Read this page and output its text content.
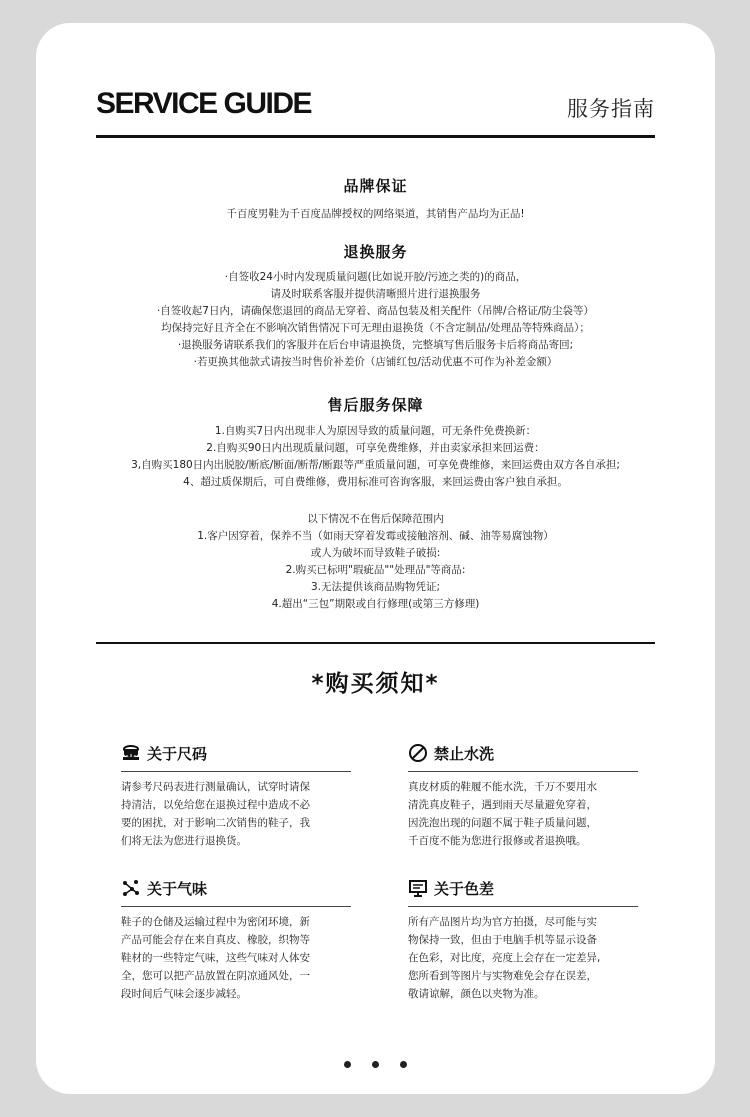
SERVICE GUIDE	服务指南
品牌保证
千百度男鞋为千百度品牌授权的网络渠道，其销售产品均为正品!
退换服务
·自签收24小时内发现质量问题(比如说开胶/污迹之类的)的商品，
请及时联系客服并提供清晰照片进行退换服务
·自签收起7日内，请确保您退回的商品无穿着、商品包装及相关配件（吊牌/合格证/防尘袋等）
均保持完好且齐全在不影响次销售情况下可无理由退换货（不含定制品/处理品等特殊商品）；
·退换服务请联系我们的客服并在后台申请退换货，完整填写售后服务卡后将商品寄回;
·若更换其他款式请按当时售价补差价（店铺红包/活动优惠不可作为补差金额）
售后服务保障
1.自购买7日内出现非人为原因导致的质量问题，可无条件免费换新：
2.自购买90日内出现质量问题，可享免费维修，并由卖家承担来回运费：
3,自购买180日内出脱胶/断底/断面/断帮/断跟等严重质量问题，可享免费维修，来回运费由双方各自承担;
4、超过质保期后，可自费维修，费用标准可咨询客服，来回运费由客户独自承担。
以下情况不在售后保障范围内
1.客户因穿着，保养不当（如雨天穿着发霉或接触溶剂、碱、油等易腐蚀物）
或人为破坏而导致鞋子破损:
2.购买已标明"瑕疵品""处理品"等商品:
3.无法提供该商品购物凭证;
4.超出“三包”期限或自行修理(或第三方修理)
*购买须知*
关于尺码
请参考尺码表进行测量确认，试穿时请保
持清洁，以免给您在退换过程中造成不必
要的困扰，对于影响二次销售的鞋子，我
们将无法为您进行退换货。
禁止水洗
真皮材质的鞋履不能水洗，千万不要用水
清洗真皮鞋子，遇到雨天尽量避免穿着，
因洗泡出现的问题不属于鞋子质量问题，
千百度不能为您进行报修或者退换哦。
关于气味
鞋子的仓储及运输过程中为密闭环境，新
产品可能会存在来自真皮、橡胶，织物等
鞋材的一些特定气味，这些气味对人体安
全，您可以把产品放置在阴凉通风处，一
段时间后气味会逐步减轻。
关于色差
所有产品图片均为官方拍摄，尽可能与实
物保持一致，但由于电脑手机等显示设备
在色彩，对比度，亮度上会存在一定差异,
您所看到等图片与实物难免会存在误差，
敬请谅解，颜色以夹物为准。
